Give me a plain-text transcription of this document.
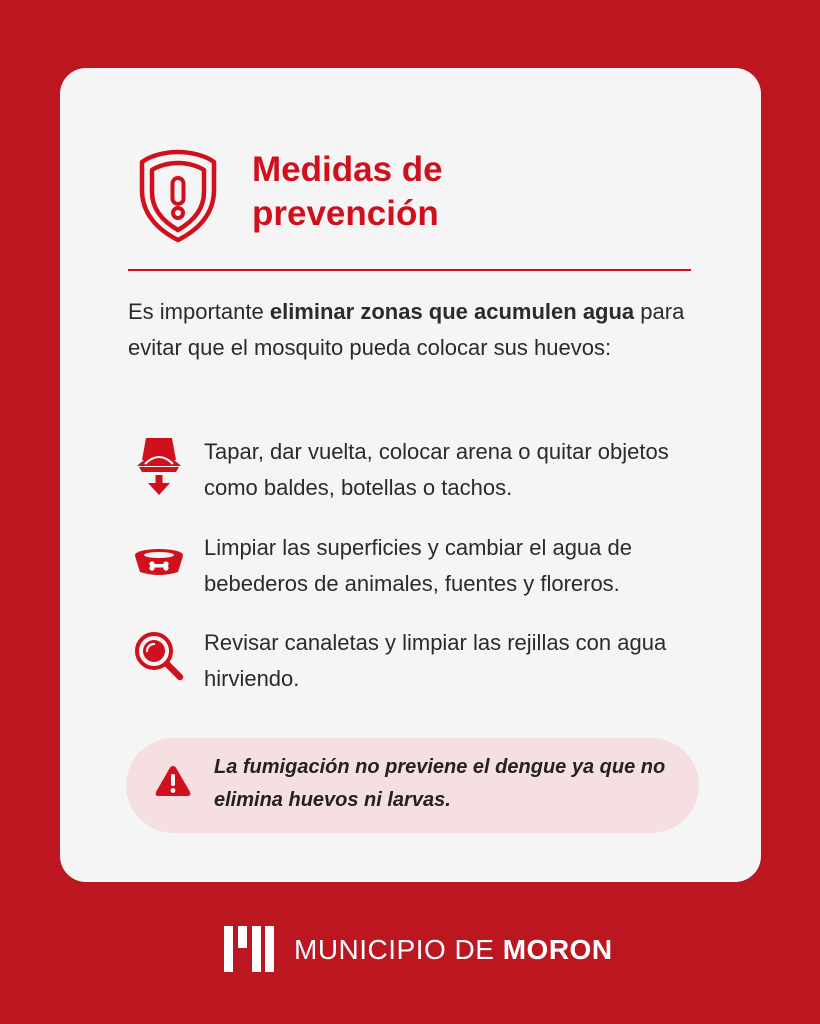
Medidas de
prevención
Es importante eliminar zonas que acumulen agua para evitar que el mosquito pueda colocar sus huevos:
Tapar, dar vuelta, colocar arena o quitar objetos como baldes, botellas o tachos.
Limpiar las superficies y cambiar el agua de bebederos de animales, fuentes y floreros.
Revisar canaletas y limpiar las rejillas con agua hirviendo.
La fumigación no previene el dengue ya que no elimina huevos ni larvas.
MUNICIPIO DE MORON
